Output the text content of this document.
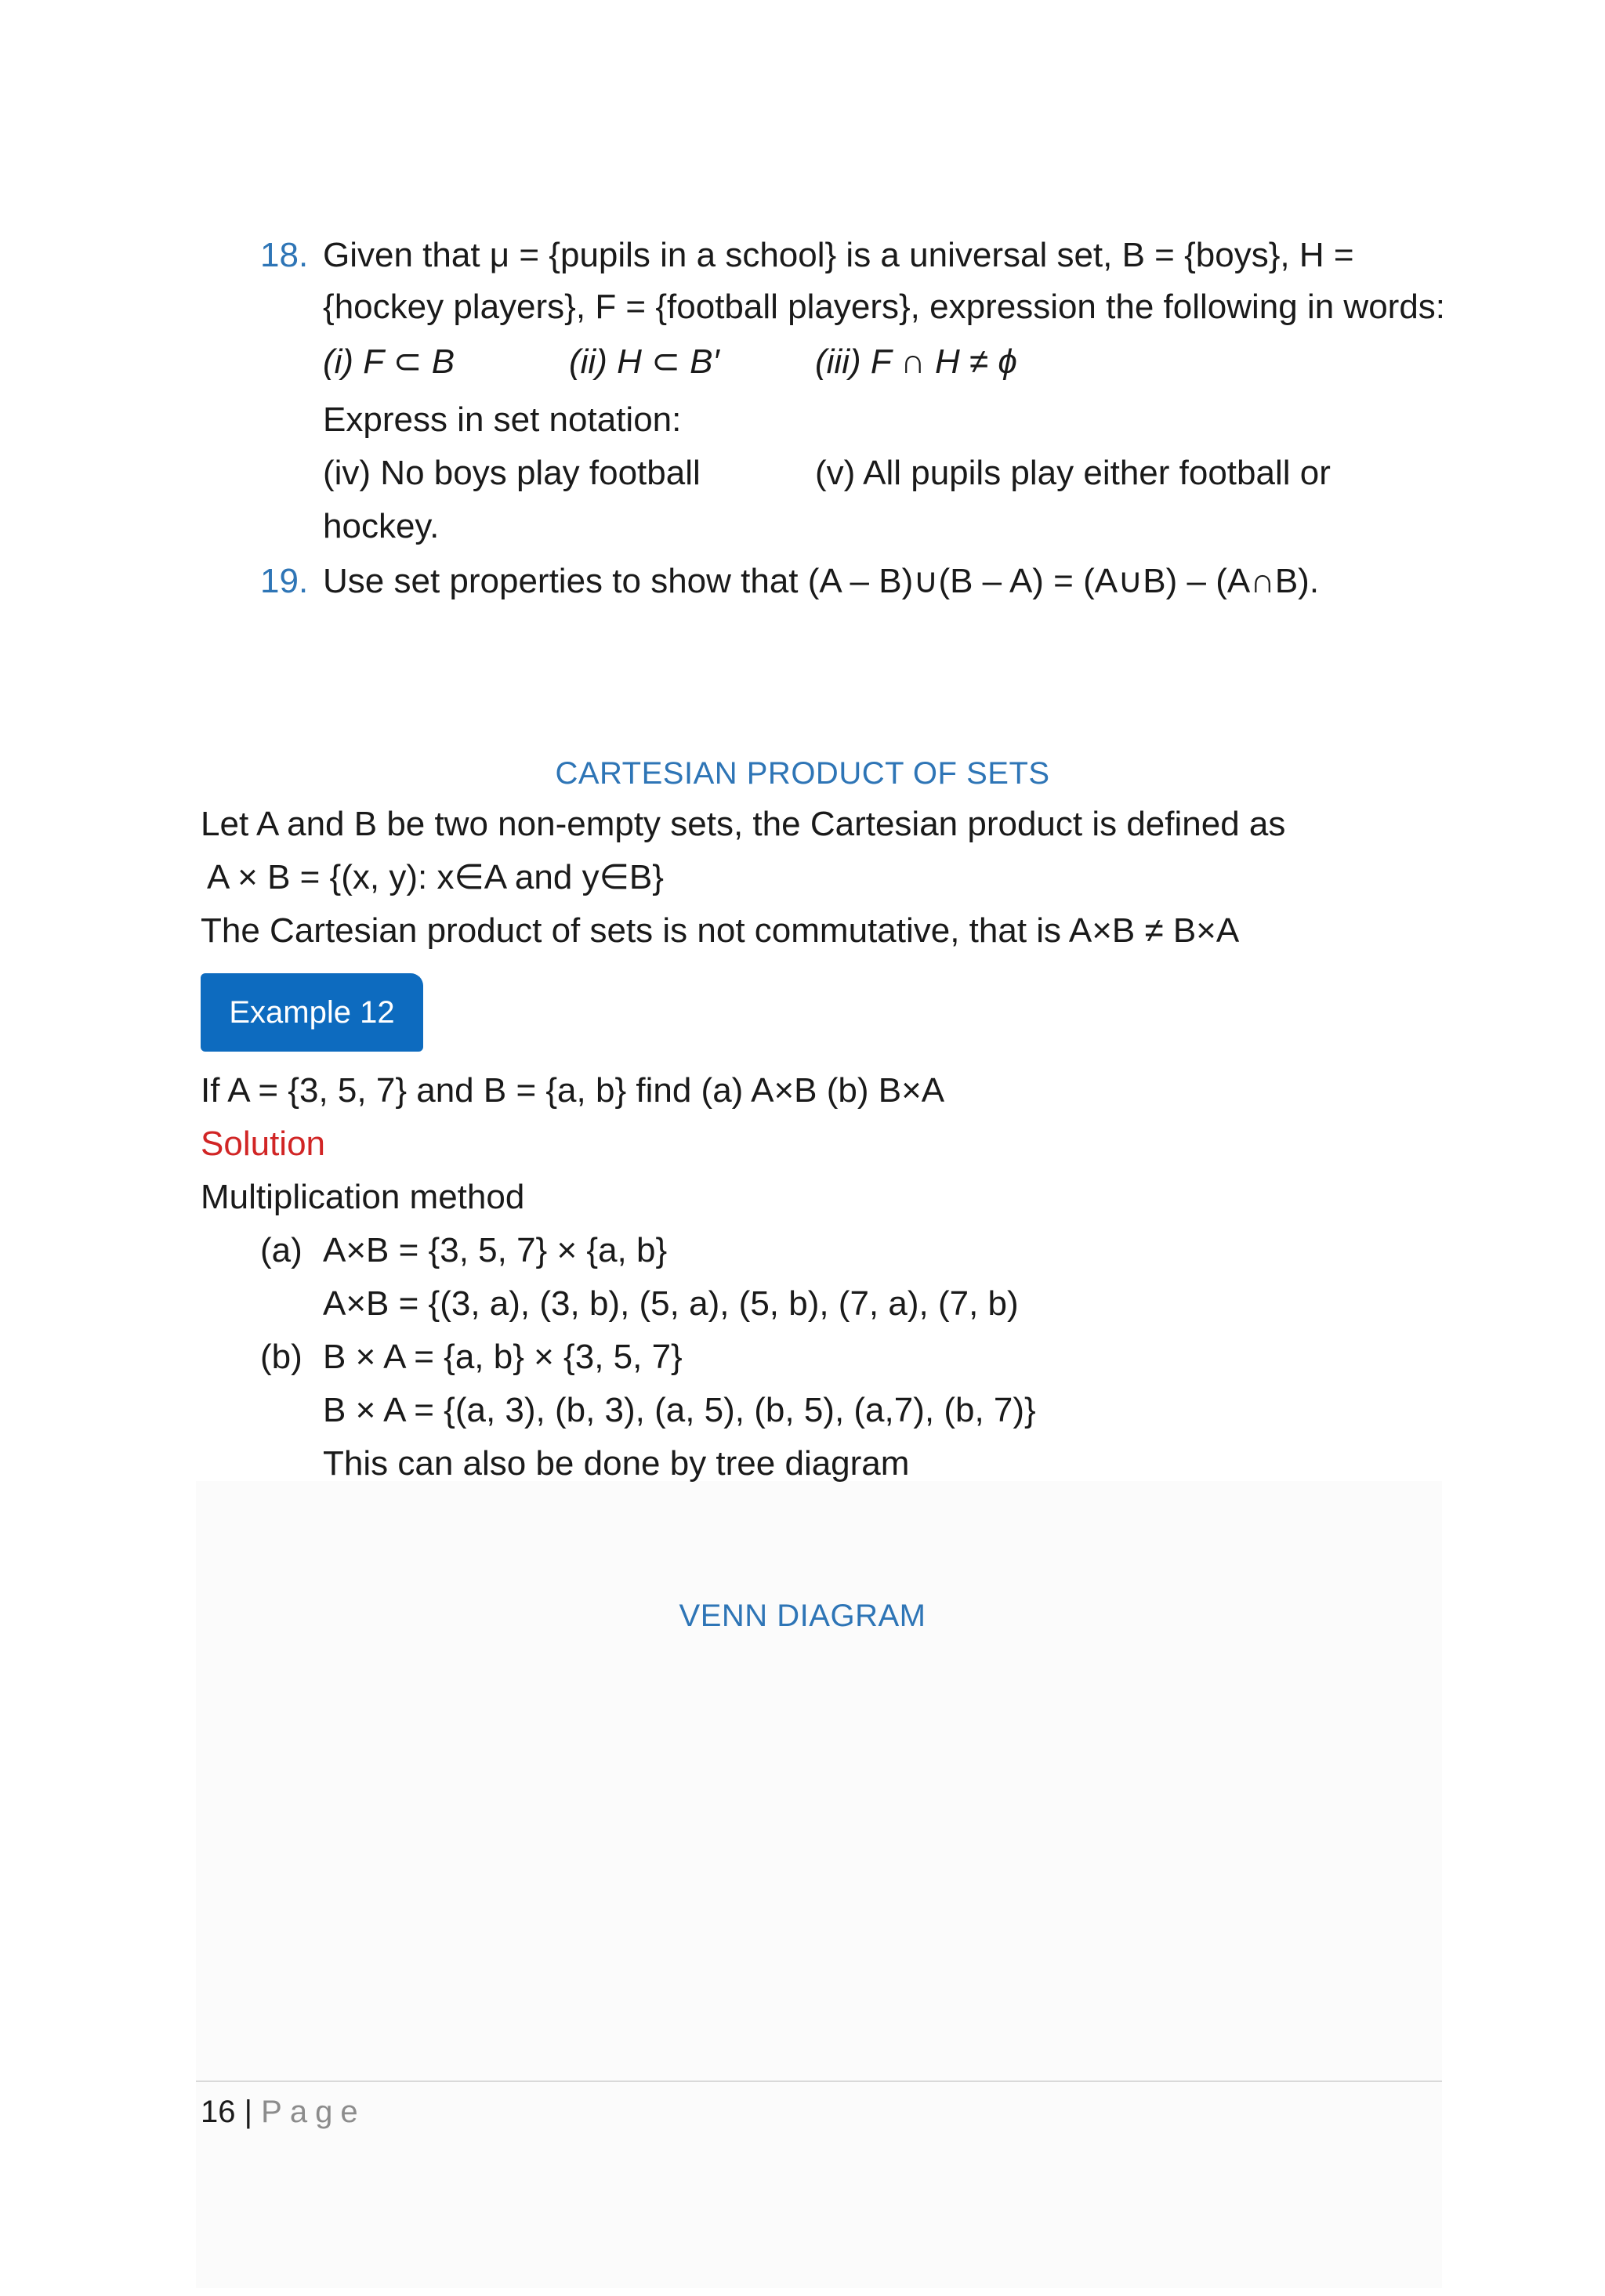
18. Given that μ = {pupils in a school} is a universal set, B = {boys}, H =
{hockey players}, F = {football players}, expression the following in words:
(i) F ⊂ B	(ii) H ⊂ B′	(iii) F ∩ H ≠ ϕ
Express in set notation:
(iv) No boys play football	(v) All pupils play either football or
hockey.
19. Use set properties to show that (A – B)∪(B – A) = (A∪B) – (A∩B).
CARTESIAN PRODUCT OF SETS
Let A and B be two non-empty sets, the Cartesian product is defined as
A × B = {(x, y): x∈A and y∈B}
The Cartesian product of sets is not commutative, that is A×B ≠ B×A
Example 12
If A = {3, 5, 7} and B = {a, b} find (a) A×B (b) B×A
Solution
Multiplication method
(a) A×B = {3, 5, 7} × {a, b}
A×B = {(3, a), (3, b), (5, a), (5, b), (7, a), (7, b)
(b) B × A = {a, b} × {3, 5, 7}
B × A = {(a, 3), (b, 3), (a, 5), (b, 5), (a,7), (b, 7)}
This can also be done by tree diagram
VENN DIAGRAM
16 | Page
